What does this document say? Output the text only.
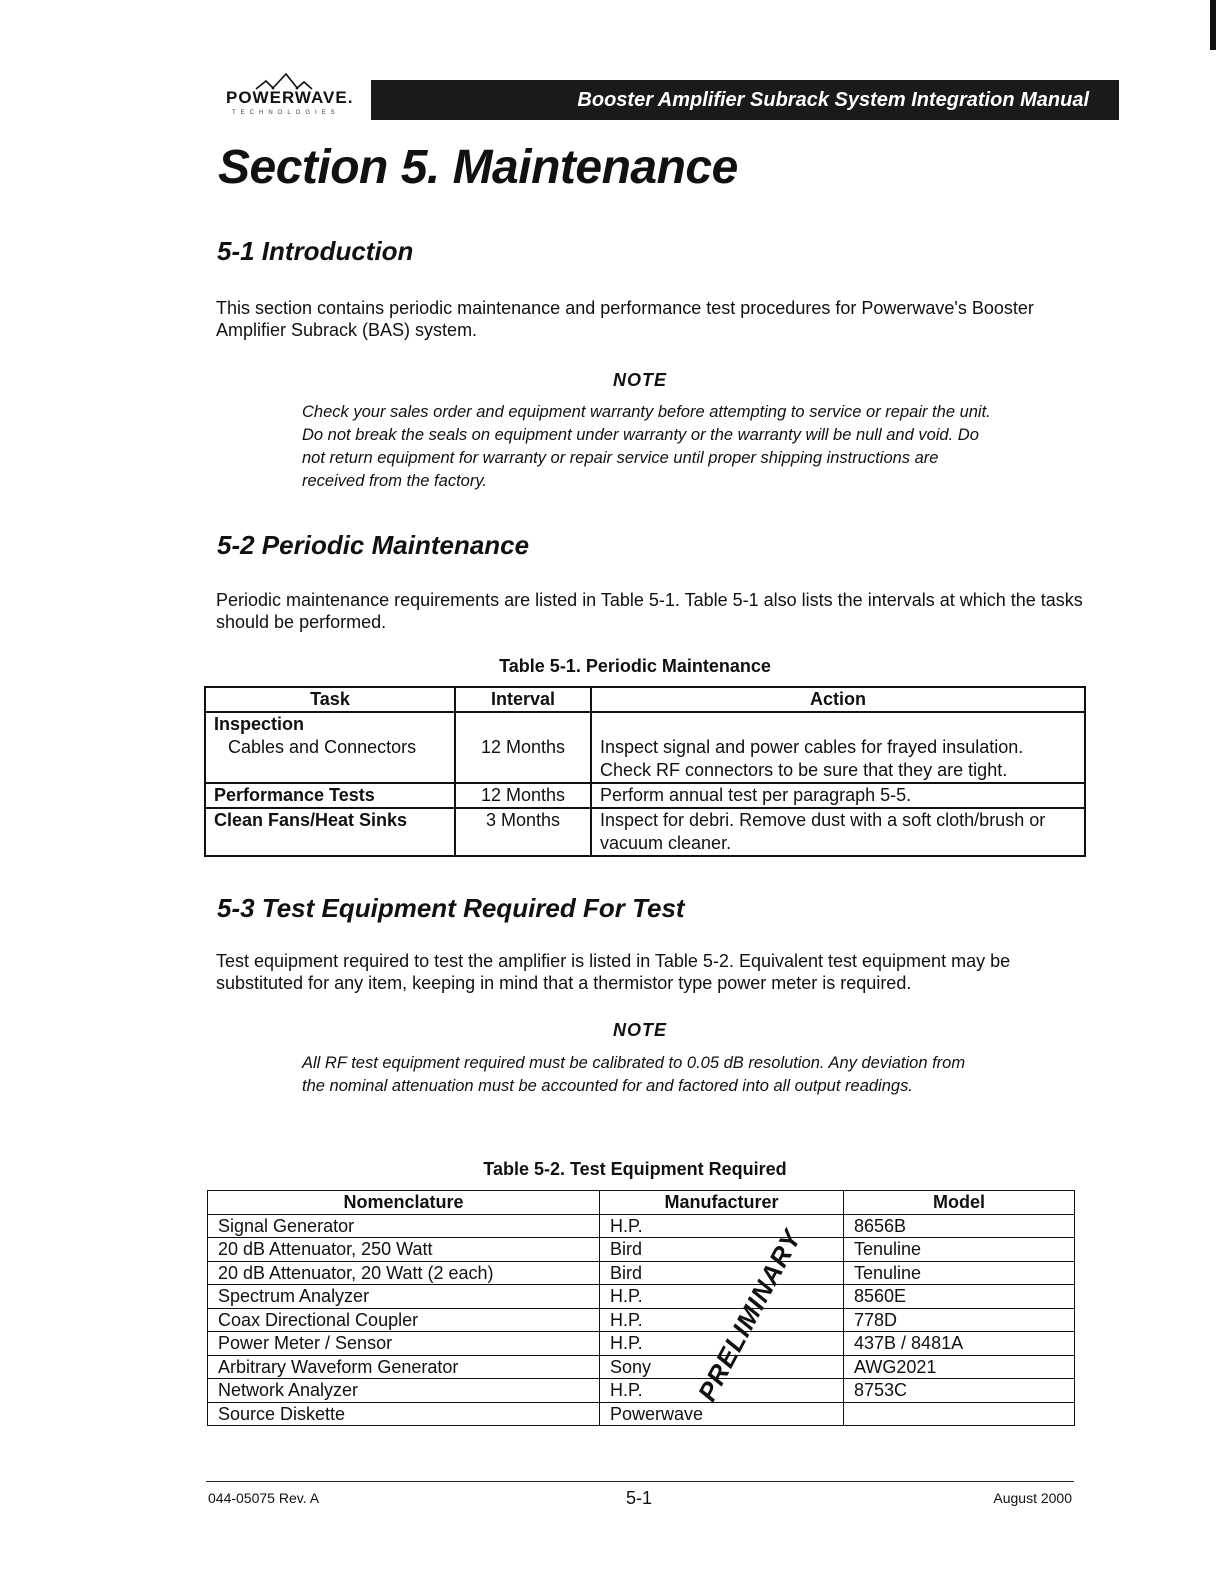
POWERWAVE.
TECHNOLOGIES
Booster Amplifier Subrack System Integration Manual
Section 5. Maintenance
5-1 Introduction

This section contains periodic maintenance and performance test procedures for Powerwave's Booster Amplifier Subrack (BAS) system.

NOTE

Check your sales order and equipment warranty before attempting to service or repair the unit. Do not break the seals on equipment under warranty or the warranty will be null and void. Do not return equipment for warranty or repair service until proper shipping instructions are received from the factory.

5-2 Periodic Maintenance

Periodic maintenance requirements are listed in Table 5-1. Table 5-1 also lists the intervals at which the tasks should be performed.

Table 5-1. Periodic Maintenance

Task	Interval	Action
Inspection		
Cables and Connectors	12 Months	Inspect signal and power cables for frayed insulation. Check RF connectors to be sure that they are tight.
Performance Tests	12 Months	Perform annual test per paragraph 5-5.
Clean Fans/Heat Sinks	3 Months	Inspect for debri. Remove dust with a soft cloth/brush or vacuum cleaner.
5-3 Test Equipment Required For Test

Test equipment required to test the amplifier is listed in Table 5-2. Equivalent test equipment may be substituted for any item, keeping in mind that a thermistor type power meter is required.

NOTE

All RF test equipment required must be calibrated to 0.05 dB resolution. Any deviation from the nominal attenuation must be accounted for and factored into all output readings.

Table 5-2. Test Equipment Required

Nomenclature	Manufacturer	Model
Signal Generator	H.P.	8656B
20 dB Attenuator, 250 Watt	Bird	Tenuline
20 dB Attenuator, 20 Watt (2 each)	Bird	Tenuline
Spectrum Analyzer	H.P.	8560E
Coax Directional Coupler	H.P.	778D
Power Meter / Sensor	H.P.	437B / 8481A
Arbitrary Waveform Generator	Sony	AWG2021
Network Analyzer	H.P.	8753C
Source Diskette	Powerwave	
PRELIMINARY
044-05075 Rev. A	5-1	August 2000
